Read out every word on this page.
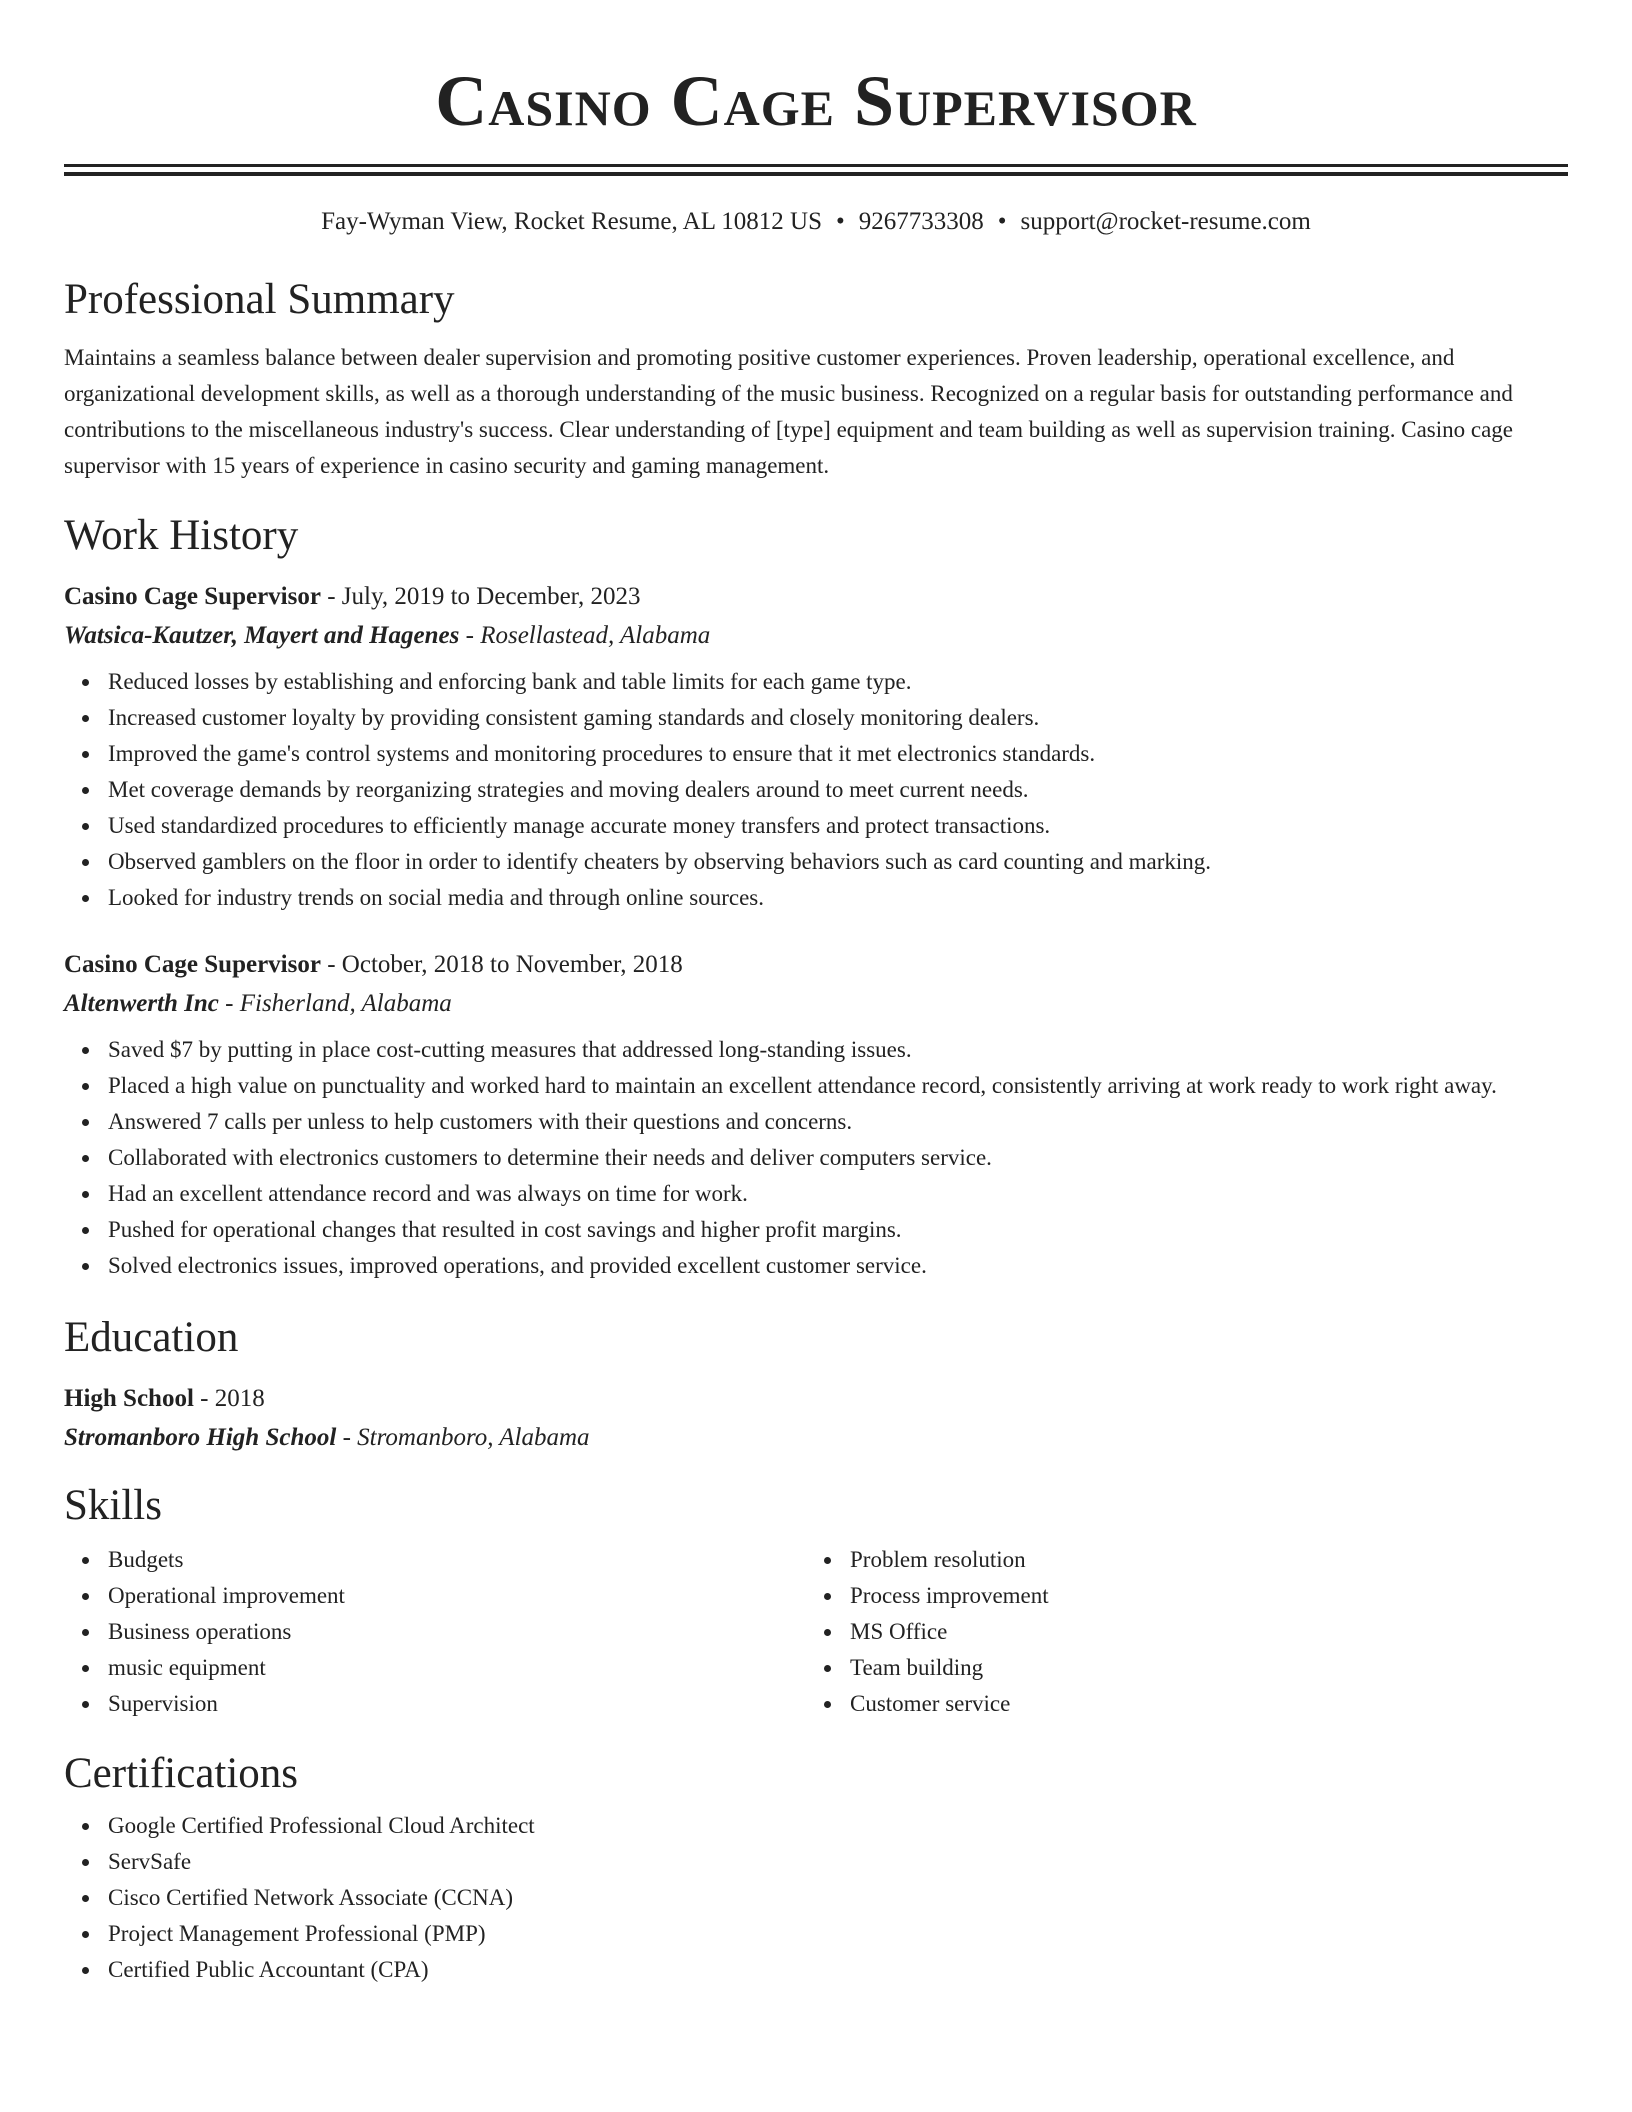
Casino Cage Supervisor
Fay-Wyman View, Rocket Resume, AL 10812 US • 9267733308 • support@rocket-resume.com
Professional Summary

Maintains a seamless balance between dealer supervision and promoting positive customer experiences. Proven leadership, operational excellence, and organizational development skills, as well as a thorough understanding of the music business. Recognized on a regular basis for outstanding performance and contributions to the miscellaneous industry's success. Clear understanding of [type] equipment and team building as well as supervision training. Casino cage supervisor with 15 years of experience in casino security and gaming management.

Work History
Casino Cage Supervisor - July, 2019 to December, 2023
Watsica-Kautzer, Mayert and Hagenes - Rosellastead, Alabama
Reduced losses by establishing and enforcing bank and table limits for each game type.
Increased customer loyalty by providing consistent gaming standards and closely monitoring dealers.
Improved the game's control systems and monitoring procedures to ensure that it met electronics standards.
Met coverage demands by reorganizing strategies and moving dealers around to meet current needs.
Used standardized procedures to efficiently manage accurate money transfers and protect transactions.
Observed gamblers on the floor in order to identify cheaters by observing behaviors such as card counting and marking.
Looked for industry trends on social media and through online sources.
Casino Cage Supervisor - October, 2018 to November, 2018
Altenwerth Inc - Fisherland, Alabama
Saved $7 by putting in place cost-cutting measures that addressed long-standing issues.
Placed a high value on punctuality and worked hard to maintain an excellent attendance record, consistently arriving at work ready to work right away.
Answered 7 calls per unless to help customers with their questions and concerns.
Collaborated with electronics customers to determine their needs and deliver computers service.
Had an excellent attendance record and was always on time for work.
Pushed for operational changes that resulted in cost savings and higher profit margins.
Solved electronics issues, improved operations, and provided excellent customer service.
Education
High School - 2018
Stromanboro High School - Stromanboro, Alabama
Skills
Budgets
Operational improvement
Business operations
music equipment
Supervision
Problem resolution
Process improvement
MS Office
Team building
Customer service
Certifications
Google Certified Professional Cloud Architect
ServSafe
Cisco Certified Network Associate (CCNA)
Project Management Professional (PMP)
Certified Public Accountant (CPA)
